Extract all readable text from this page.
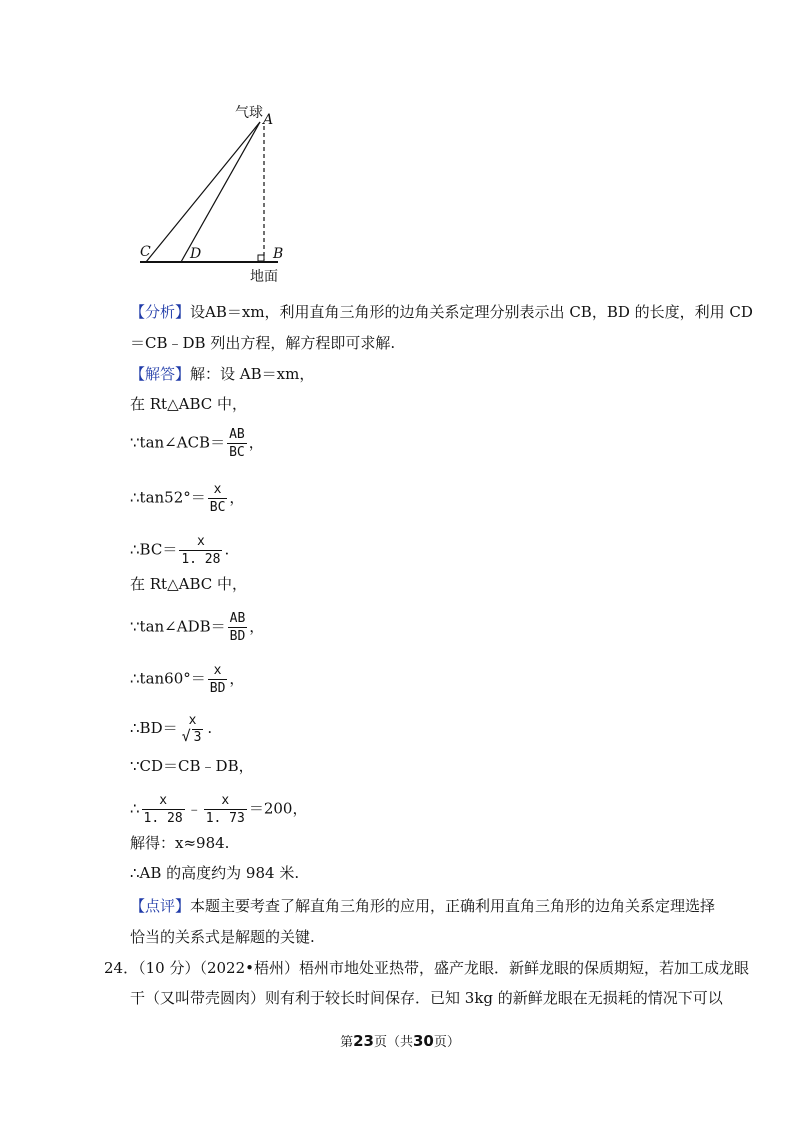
气球 A
C	D	B
地面
【分析】设AB＝xm，利用直角三角形的边角关系定理分别表示出 CB，BD 的长度，利用 CD
＝CB﹣DB 列出方程，解方程即可求解.
【解答】解：设 AB＝xm，
在 Rt△ABC 中，
∵tan∠ACB＝ $\frac{AB}{BC}$ ，
∴tan52°＝ $\frac{x}{BC}$ ，
∴BC＝ $\frac{x}{1. 28}$ .
在 Rt△ABC 中，
∵tan∠ADB＝ $\frac{AB}{BD}$ ，
∴tan60°＝ $\frac{x}{BD}$ ，
∴BD＝ x
√ 3
.
∵CD＝CB﹣DB，
∴ $\frac{x}{1. 28}$ ﹣ $\frac{x}{1. 73} =200$，
解得：x≈984.
∴AB 的高度约为 984 米.
【点评】本题主要考查了解直角三角形的应用，正确利用直角三角形的边角关系定理选择
恰当的关系式是解题的关键.
24．（10 分）（2022•梧州）梧州市地处亚热带，盛产龙眼．新鲜龙眼的保质期短，若加工成龙眼
干（又叫带壳圆肉）则有利于较长时间保存．已知 3kg 的新鲜龙眼在无损耗的情况下可以
第23页（共30页）
